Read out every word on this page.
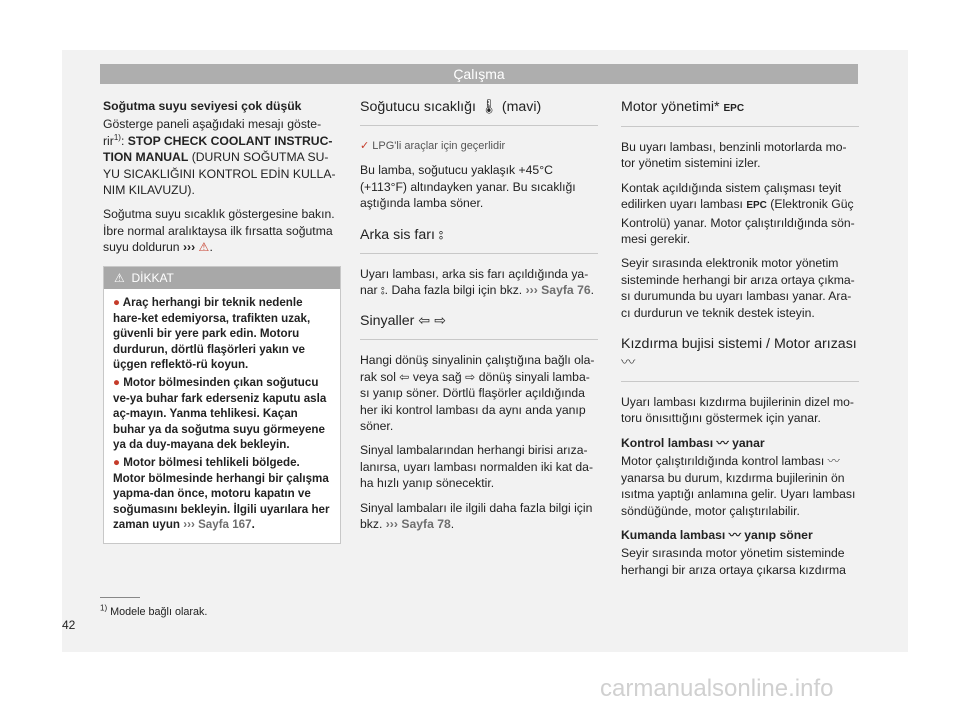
Çalışma

Soğutma suyu seviyesi çok düşük

Gösterge paneli aşağıdaki mesajı göste-rir$^{1)}$: STOP CHECK COOLANT INSTRUC-TION MANUAL (DURUN SOĞUTMA SU-YU SICAKLIĞINI KONTROL EDİN KULLA-NIM KILAVUZU).

Soğutma suyu sıcaklık göstergesine bakın. İbre normal aralıktaysa ilk fırsatta soğutma suyu doldurun ››› ⚠.

⚠ DİKKAT
● Araç herhangi bir teknik nedenle hare-ket edemiyorsa, trafikten uzak, güvenli bir yere park edin. Motoru durdurun, dörtlü flaşörleri yakın ve üçgen reflektö-rü koyun.
● Motor bölmesinden çıkan soğutucu ve-ya buhar fark ederseniz kaputu asla aç-mayın. Yanma tehlikesi. Kaçan buhar ya da soğutma suyu görmeyene ya da duy-mayana dek bekleyin.
● Motor bölmesi tehlikeli bölgede. Motor bölmesinde herhangi bir çalışma yapma-dan önce, motoru kapatın ve soğumasını bekleyin. İlgili uyarılara her zaman uyun ››› Sayfa 167.
Soğutucu sıcaklığı 🌡︎ (mavi)

✓ LPG'li araçlar için geçerlidir

Bu lamba, soğutucu yaklaşık +45°C (+113°F) altındayken yanar. Bu sıcaklığı aştığında lamba söner.

Arka sis farı ⦂

Uyarı lambası, arka sis farı açıldığında ya-nar ⦂. Daha fazla bilgi için bkz. ››› Sayfa 76.

Sinyaller ⇦ ⇨

Hangi dönüş sinyalinin çalıştığına bağlı ola-rak sol ⇦ veya sağ ⇨ dönüş sinyali lamba-sı yanıp söner. Dörtlü flaşörler açıldığında her iki kontrol lambası da aynı anda yanıp söner.

Sinyal lambalarından herhangi birisi arıza-lanırsa, uyarı lambası normalden iki kat da-ha hızlı yanıp sönecektir.

Sinyal lambaları ile ilgili daha fazla bilgi için bkz. ››› Sayfa 78.

Motor yönetimi* EPC

Bu uyarı lambası, benzinli motorlarda mo-tor yönetim sistemini izler.

Kontak açıldığında sistem çalışması teyit edilirken uyarı lambası EPC (Elektronik Güç Kontrolü) yanar. Motor çalıştırıldığında sön-mesi gerekir.

Seyir sırasında elektronik motor yönetim sisteminde herhangi bir arıza ortaya çıkma-sı durumunda bu uyarı lambası yanar. Ara-cı durdurun ve teknik destek isteyin.

Kızdırma bujisi sistemi / Motor arızası 〰

Uyarı lambası kızdırma bujilerinin dizel mo-toru önısıttığını göstermek için yanar.

Kontrol lambası 〰 yanar

Motor çalıştırıldığında kontrol lambası 〰 yanarsa bu durum, kızdırma bujilerinin ön ısıtma yaptığı anlamına gelir. Uyarı lambası söndüğünde, motor çalıştırılabilir.

Kumanda lambası 〰 yanıp söner

Seyir sırasında motor yönetim sisteminde herhangi bir arıza ortaya çıkarsa kızdırma

$^{1)}$ Modele bağlı olarak.
42
carmanualsonline.info
